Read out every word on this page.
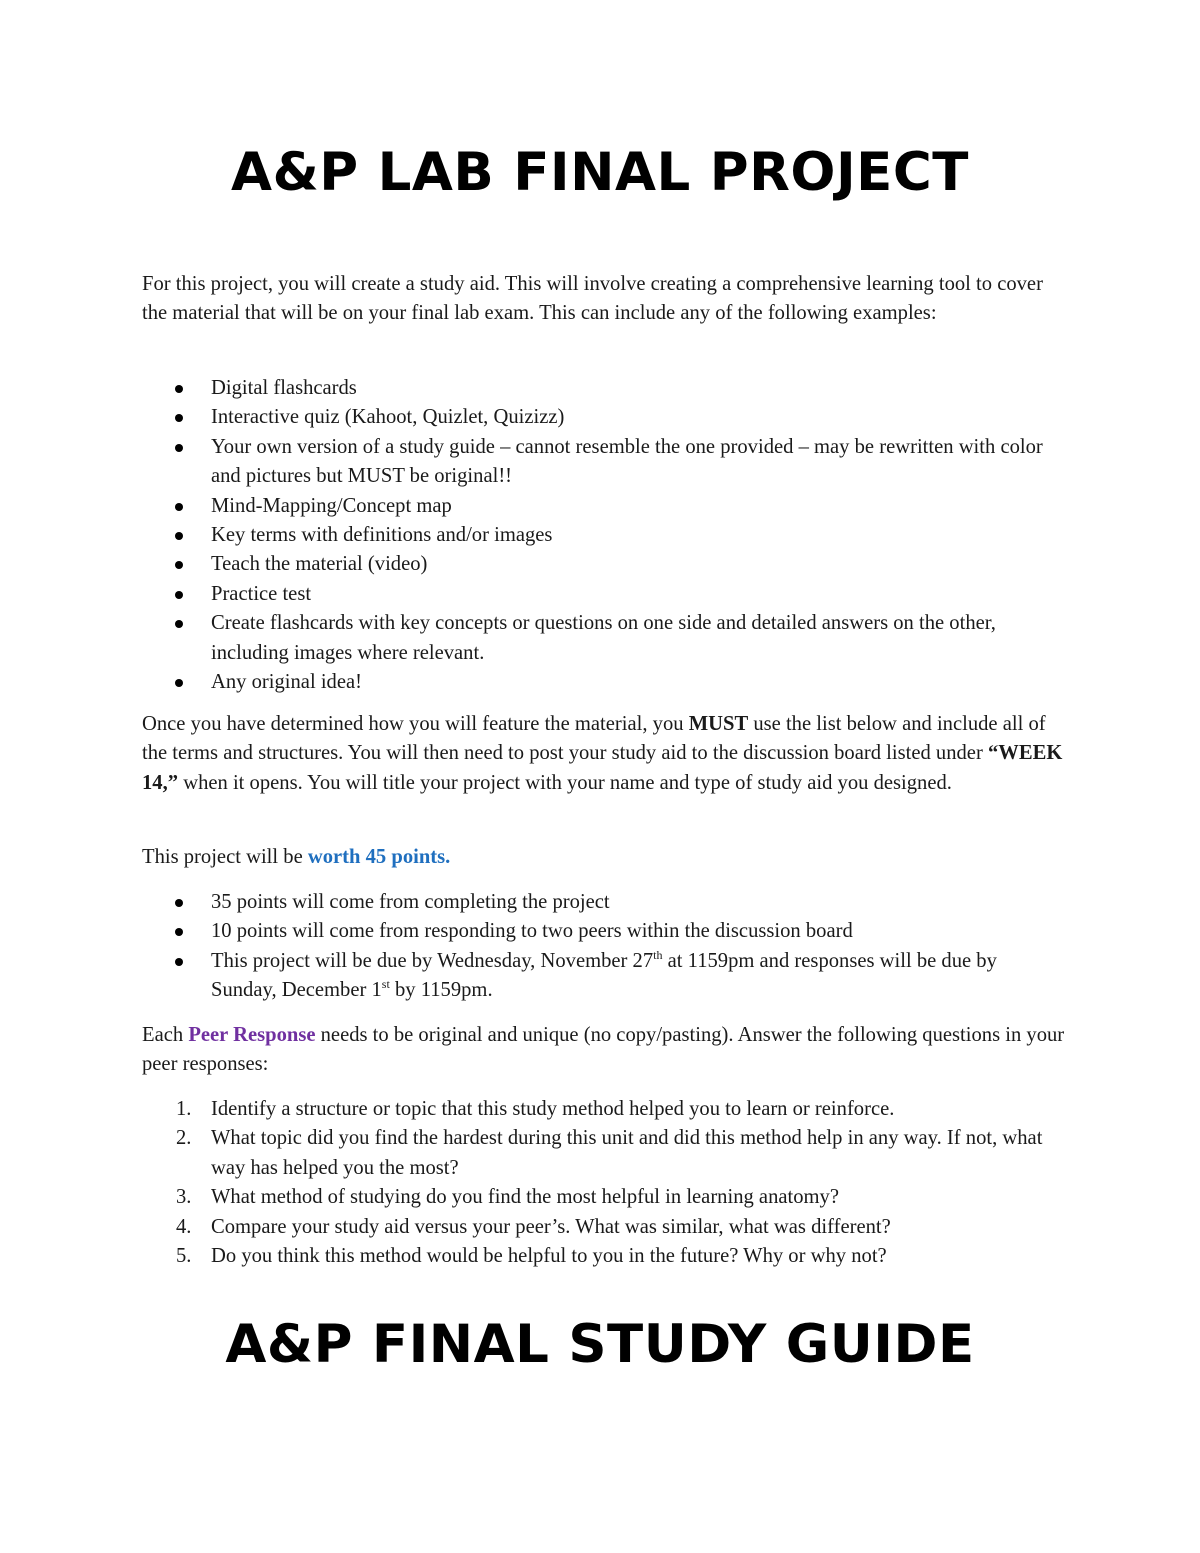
A&P LAB FINAL PROJECT

For this project, you will create a study aid. This will involve creating a comprehensive learning tool to cover the material that will be on your final lab exam. This can include any of the following examples:

Digital flashcards
Interactive quiz (Kahoot, Quizlet, Quizizz)
Your own version of a study guide – cannot resemble the one provided – may be rewritten with color and pictures but MUST be original!!
Mind-Mapping/Concept map
Key terms with definitions and/or images
Teach the material (video)
Practice test
Create flashcards with key concepts or questions on one side and detailed answers on the other, including images where relevant.
Any original idea!

Once you have determined how you will feature the material, you MUST use the list below and include all of the terms and structures. You will then need to post your study aid to the discussion board listed under “WEEK 14,” when it opens. You will title your project with your name and type of study aid you designed.

This project will be worth 45 points.

35 points will come from completing the project
10 points will come from responding to two peers within the discussion board
This project will be due by Wednesday, November 27th at 1159pm and responses will be due by Sunday, December 1st by 1159pm.

Each Peer Response needs to be original and unique (no copy/pasting). Answer the following questions in your peer responses:

1. Identify a structure or topic that this study method helped you to learn or reinforce.
2. What topic did you find the hardest during this unit and did this method help in any way. If not, what way has helped you the most?
3. What method of studying do you find the most helpful in learning anatomy?
4. Compare your study aid versus your peer’s. What was similar, what was different?
5. Do you think this method would be helpful to you in the future? Why or why not?
A&P FINAL STUDY GUIDE
